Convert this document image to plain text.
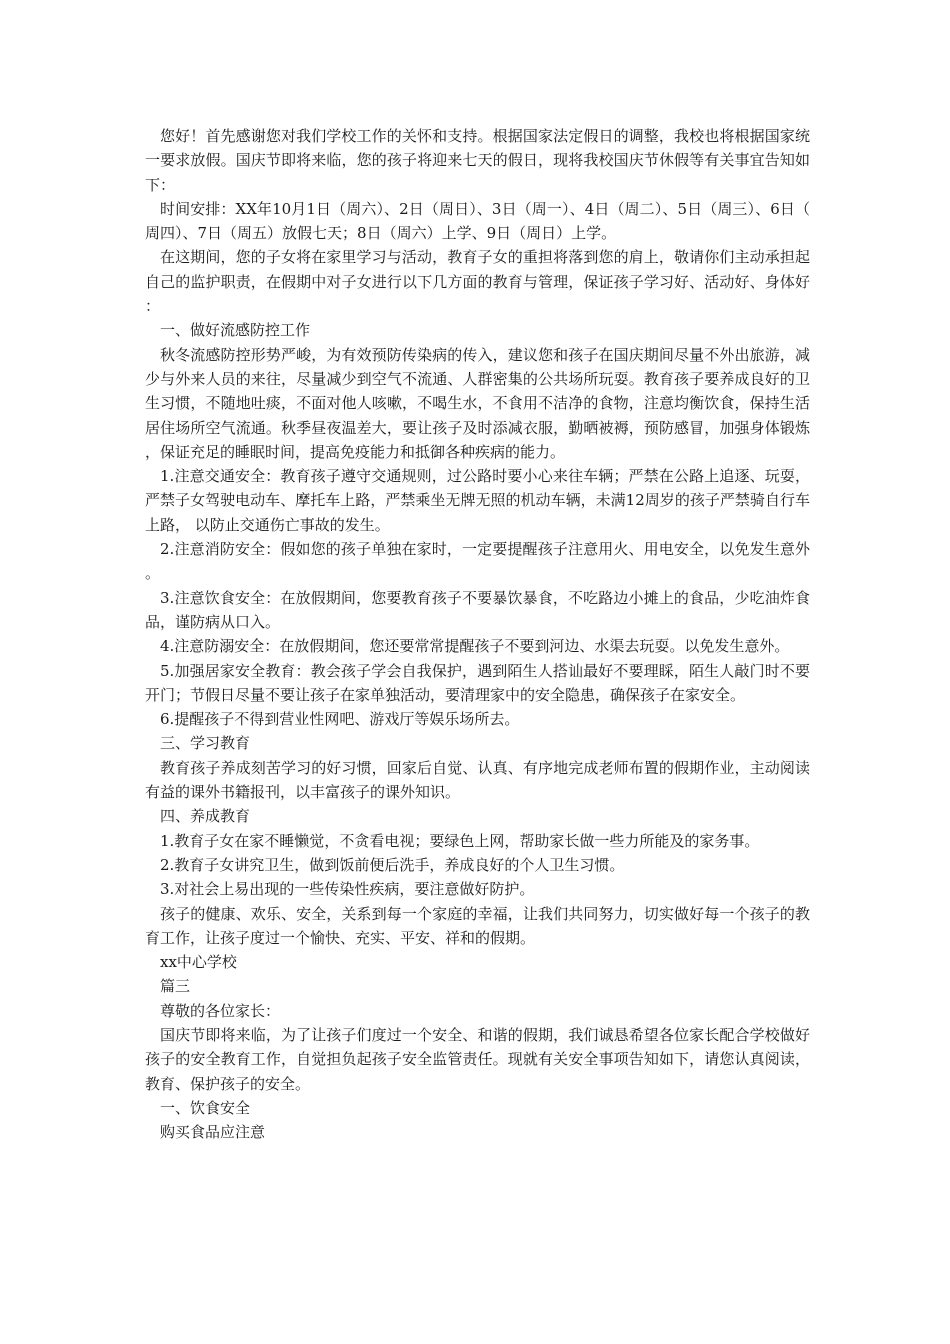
您好！首先感谢您对我们学校工作的关怀和支持。根据国家法定假日的调整，我校也将根据国家统一要求放假。国庆节即将来临，您的孩子将迎来七天的假日，现将我校国庆节休假等有关事宜告知如下：

时间安排：XX年10月1日（周六）、2日（周日）、3日（周一）、4日（周二）、5日（周三）、6日（周四）、7日（周五）放假七天；8日（周六）上学、9日（周日）上学。

在这期间，您的子女将在家里学习与活动，教育子女的重担将落到您的肩上，敬请你们主动承担起自己的监护职责，在假期中对子女进行以下几方面的教育与管理，保证孩子学习好、活动好、身体好：

一、做好流感防控工作

秋冬流感防控形势严峻，为有效预防传染病的传入，建议您和孩子在国庆期间尽量不外出旅游，减少与外来人员的来往，尽量减少到空气不流通、人群密集的公共场所玩耍。教育孩子要养成良好的卫生习惯，不随地吐痰，不面对他人咳嗽，不喝生水，不食用不洁净的食物，注意均衡饮食，保持生活居住场所空气流通。秋季昼夜温差大，要让孩子及时添减衣服，勤晒被褥，预防感冒，加强身体锻炼，保证充足的睡眠时间，提高免疫能力和抵御各种疾病的能力。

1.注意交通安全：教育孩子遵守交通规则，过公路时要小心来往车辆；严禁在公路上追逐、玩耍，严禁子女驾驶电动车、摩托车上路，严禁乘坐无牌无照的机动车辆，未满12周岁的孩子严禁骑自行车上路， 以防止交通伤亡事故的发生。

2.注意消防安全：假如您的孩子单独在家时，一定要提醒孩子注意用火、用电安全，以免发生意外。

3.注意饮食安全：在放假期间，您要教育孩子不要暴饮暴食，不吃路边小摊上的食品，少吃油炸食品，谨防病从口入。

4.注意防溺安全：在放假期间，您还要常常提醒孩子不要到河边、水渠去玩耍。以免发生意外。

5.加强居家安全教育：教会孩子学会自我保护，遇到陌生人搭讪最好不要理睬，陌生人敲门时不要开门；节假日尽量不要让孩子在家单独活动，要清理家中的安全隐患，确保孩子在家安全。

6.提醒孩子不得到营业性网吧、游戏厅等娱乐场所去。

三、学习教育

教育孩子养成刻苦学习的好习惯，回家后自觉、认真、有序地完成老师布置的假期作业，主动阅读有益的课外书籍报刊，以丰富孩子的课外知识。

四、养成教育

1.教育子女在家不睡懒觉，不贪看电视；要绿色上网，帮助家长做一些力所能及的家务事。

2.教育子女讲究卫生，做到饭前便后洗手，养成良好的个人卫生习惯。

3.对社会上易出现的一些传染性疾病，要注意做好防护。

孩子的健康、欢乐、安全，关系到每一个家庭的幸福，让我们共同努力，切实做好每一个孩子的教育工作，让孩子度过一个愉快、充实、平安、祥和的假期。

xx中心学校

篇三

尊敬的各位家长：

国庆节即将来临，为了让孩子们度过一个安全、和谐的假期，我们诚恳希望各位家长配合学校做好孩子的安全教育工作，自觉担负起孩子安全监管责任。现就有关安全事项告知如下，请您认真阅读，教育、保护孩子的安全。

一、饮食安全

购买食品应注意
